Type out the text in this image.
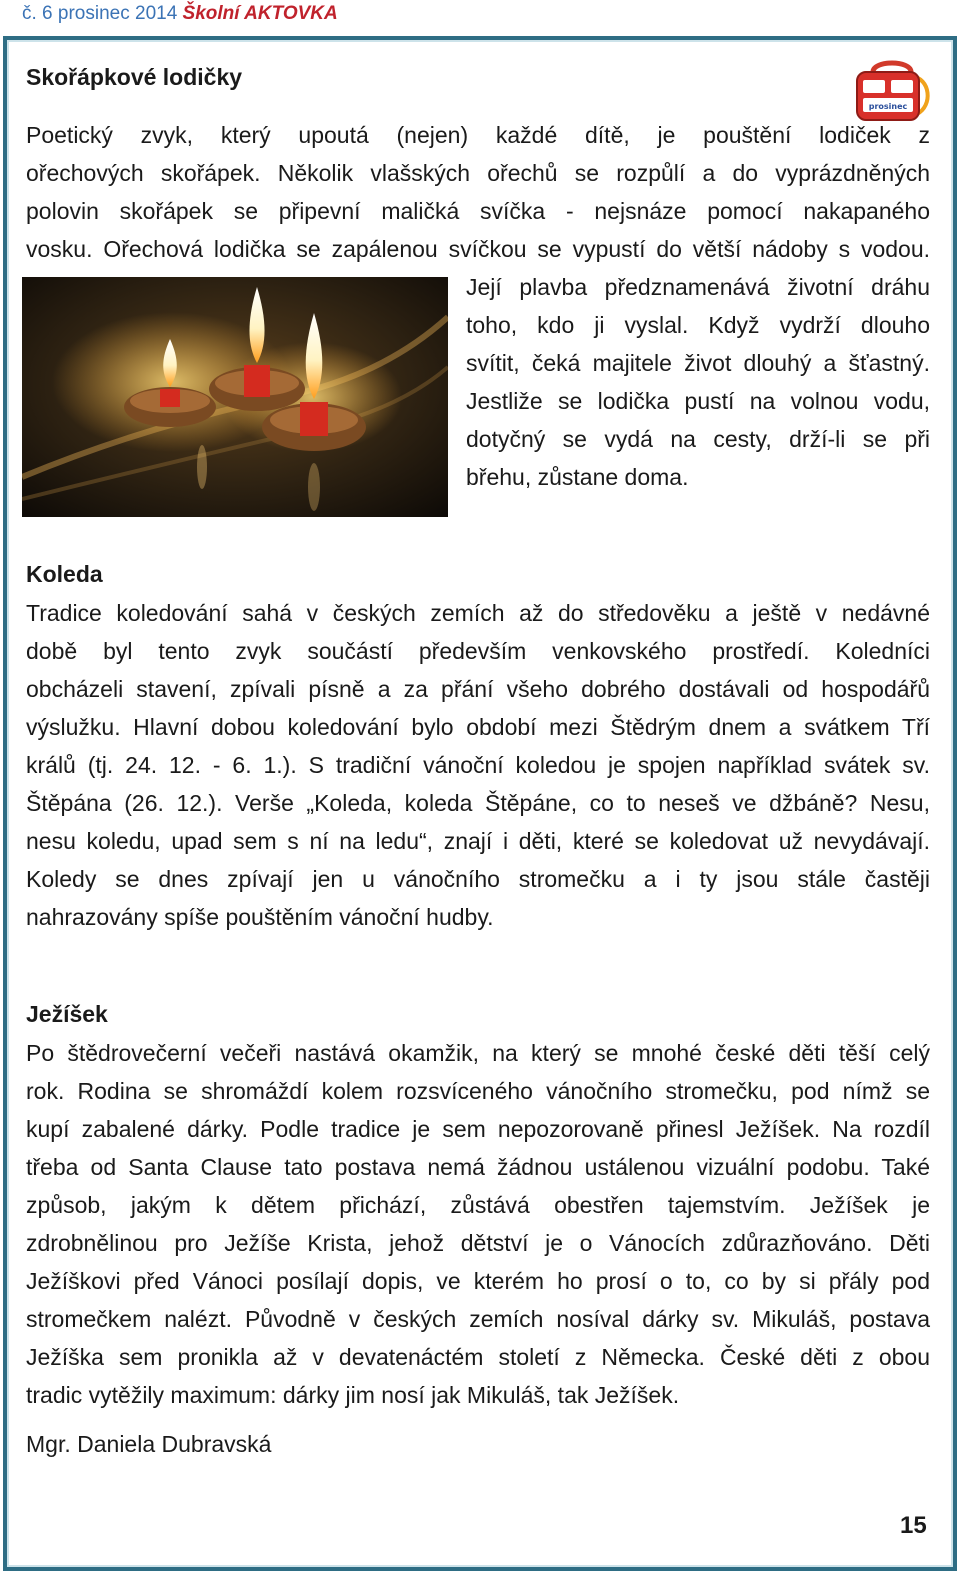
č. 6 prosinec 2014 Školní AKTOVKA
prosinec
Skořápkové lodičky
Poetický zvyk, který upoutá (nejen) každé dítě, je pouštění lodiček z
ořechových skořápek. Několik vlašských ořechů se rozpůlí a do vyprázdněných
polovin skořápek se připevní maličká svíčka - nejsnáze pomocí nakapaného
vosku. Ořechová lodička se zapálenou svíčkou se vypustí do větší nádoby s vodou.
Její plavba předznamenává životní dráhu
toho, kdo ji vyslal. Když vydrží dlouho
svítit, čeká majitele život dlouhý a šťastný.
Jestliže se lodička pustí na volnou vodu,
dotyčný se vydá na cesty, drží-li se při
břehu, zůstane doma.
Koleda
Tradice koledování sahá v českých zemích až do středověku a ještě v nedávné
době byl tento zvyk součástí především venkovského prostředí. Koledníci
obcházeli stavení, zpívali písně a za přání všeho dobrého dostávali od hospodářů
výslužku. Hlavní dobou koledování bylo období mezi Štědrým dnem a svátkem Tří
králů (tj. 24. 12. - 6. 1.). S tradiční vánoční koledou je spojen například svátek sv.
Štěpána (26. 12.). Verše „Koleda, koleda Štěpáne, co to neseš ve džbáně? Nesu,
nesu koledu, upad sem s ní na ledu“, znají i děti, které se koledovat už nevydávají.
Koledy se dnes zpívají jen u vánočního stromečku a i ty jsou stále častěji
nahrazovány spíše pouštěním vánoční hudby.
Ježíšek
Po štědrovečerní večeři nastává okamžik, na který se mnohé české děti těší celý
rok. Rodina se shromáždí kolem rozsvíceného vánočního stromečku, pod nímž se
kupí zabalené dárky. Podle tradice je sem nepozorovaně přinesl Ježíšek. Na rozdíl
třeba od Santa Clause tato postava nemá žádnou ustálenou vizuální podobu. Také
způsob, jakým k dětem přichází, zůstává obestřen tajemstvím. Ježíšek je
zdrobnělinou pro Ježíše Krista, jehož dětství je o Vánocích zdůrazňováno. Děti
Ježíškovi před Vánoci posílají dopis, ve kterém ho prosí o to, co by si přály pod
stromečkem nalézt. Původně v českých zemích nosíval dárky sv. Mikuláš, postava
Ježíška sem pronikla až v devatenáctém století z Německa. České děti z obou
tradic vytěžily maximum: dárky jim nosí jak Mikuláš, tak Ježíšek.
Mgr. Daniela Dubravská
15
